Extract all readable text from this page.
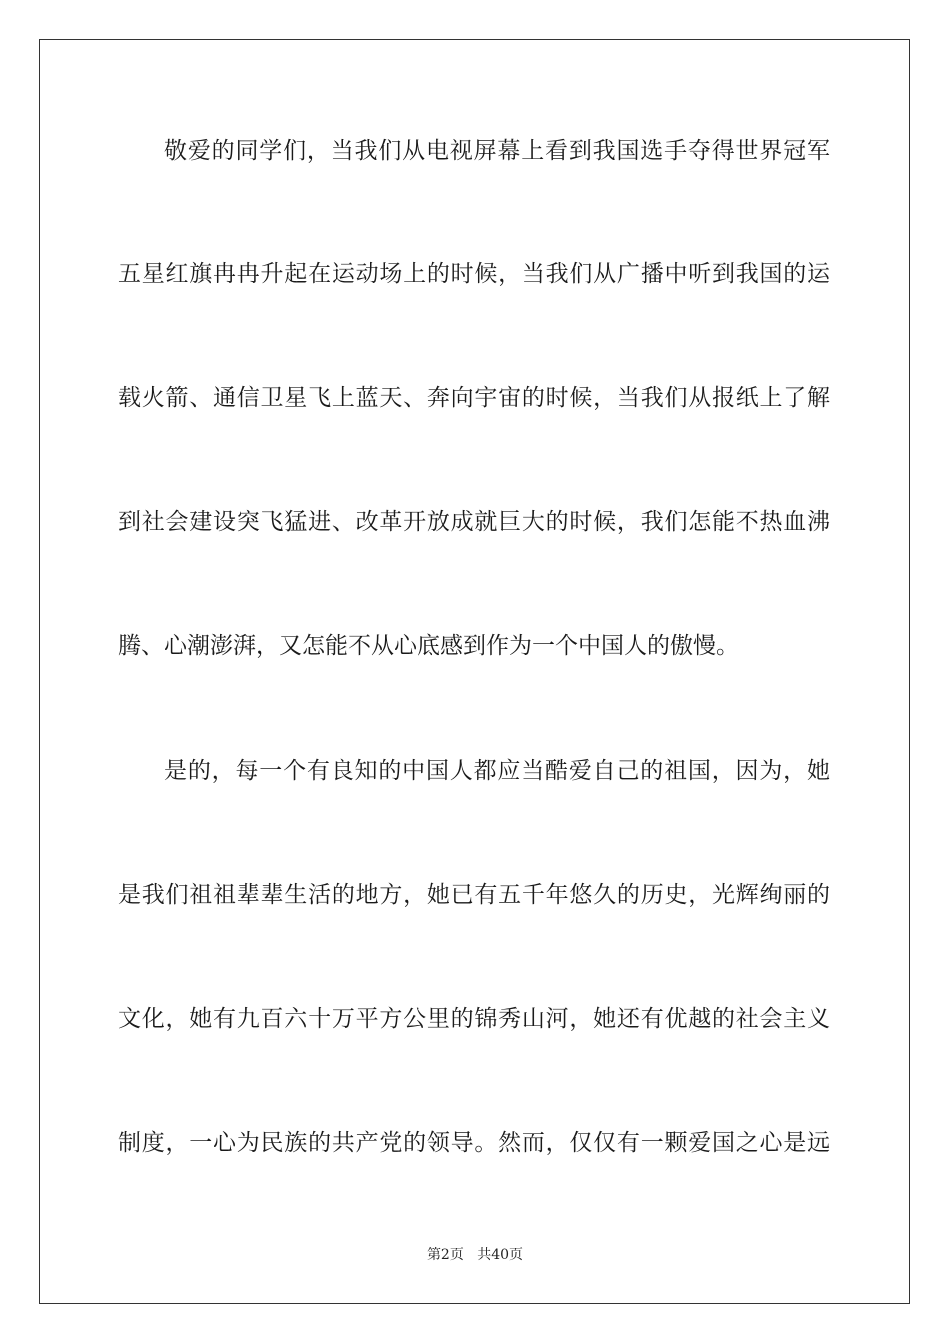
敬爱的同学们，当我们从电视屏幕上看到我国选手夺得世界冠军
五星红旗冉冉升起在运动场上的时候，当我们从广播中听到我国的运
载火箭、通信卫星飞上蓝天、奔向宇宙的时候，当我们从报纸上了解
到社会建设突飞猛进、改革开放成就巨大的时候，我们怎能不热血沸
腾、心潮澎湃，又怎能不从心底感到作为一个中国人的傲慢。
是的，每一个有良知的中国人都应当酷爱自己的祖国，因为，她
是我们祖祖辈辈生活的地方，她已有五千年悠久的历史，光辉绚丽的
文化，她有九百六十万平方公里的锦秀山河，她还有优越的社会主义
制度，一心为民族的共产党的领导。然而，仅仅有一颗爱国之心是远
第2页 共40页
